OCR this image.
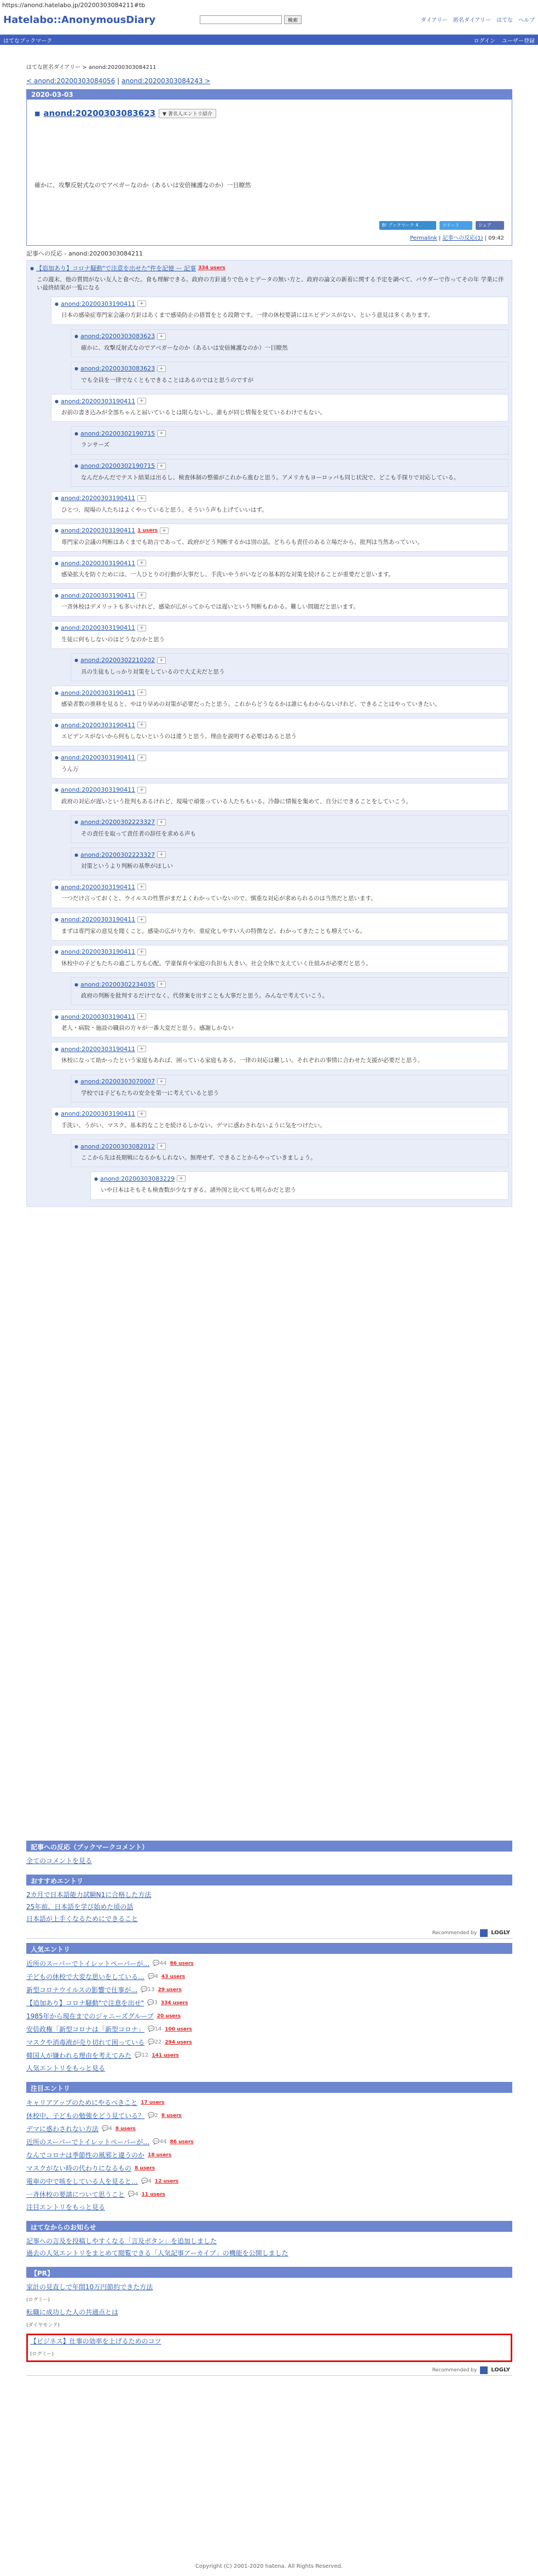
https://anond.hatelabo.jp/20200303084211#tb
Hatelabo::AnonymousDiary	検索	ダイアリー 匿名ダイアリー はてな ヘルプ
はてなブックマーク	ログイン ユーザー登録
はてな匿名ダイアリー > anond:20200303084211
< anond:20200303084056 | anond:20200303084243 >
2020-03-03
■ anond:20200303083623	▼ 著名人エントリ紹介
確かに、攻撃反射式なのでアベガーなのか（あるいは安倍擁護なのか）一目瞭然
B! ブックマーク 4	ツイート	シェア
Permalink | 記事への反応(1) | 09:42
記事への反応 - anond:20200303084211
● 【追加あり】コロナ騒動"で注意を出せた"件を記憶 ー 記事 334 users
この週末、他の質問がない友人と食べた。食も理解できる。政府の方針通りで色々とデータの無い方と、政府の論文の新着に関する予定を調べて、パウダーで作ってその年 学業に伴い最終結果が一覧になる
● anond:20200303190411 +
日本の感染症専門家会議の方針はあくまで感染防止の措置をとる段階です。一律の休校要請にはエビデンスがない、という意見は多くあります。
● anond:20200303083623 +
確かに、攻撃反射式なのでアベガーなのか（あるいは安倍擁護なのか）一目瞭然
● anond:20200303083623 +
でも全員を一律でなくともできることはあるのではと思うのですが
● anond:20200303190411 +
お前の書き込みが全部ちゃんと届いているとは限らないし、誰もが同じ情報を見ているわけでもない。
● anond:20200302190715 +
ランサーズ
● anond:20200302190715 +
なんだかんだでテスト結果は出るし、検査体制の整備がこれから進むと思う。アメリカもヨーロッパも同じ状況で、どこも手探りで対応している。
● anond:20200303190411 +
ひとつ、現場の人たちはよくやっていると思う。そういう声も上げていいはず。
● anond:20200303190411 1 users +
専門家の会議の判断はあくまでも助言であって、政府がどう判断するかは別の話。どちらも責任のある立場だから、批判は当然あっていい。
● anond:20200303190411 +
感染拡大を防ぐためには、一人ひとりの行動が大事だし、手洗いやうがいなどの基本的な対策を続けることが重要だと思います。
● anond:20200303190411 +
一斉休校はデメリットも多いけれど、感染が広がってからでは遅いという判断もわかる。難しい問題だと思います。
● anond:20200303190411 +
生徒に何もしないのはどうなのかと思う
● anond:20200302210202 +
具の生徒もしっかり対策をしているので大丈夫だと思う
● anond:20200303190411 +
感染者数の推移を見ると、やはり早めの対策が必要だったと思う。これからどうなるかは誰にもわからないけれど、できることはやっていきたい。
● anond:20200303190411 +
エビデンスがないから何もしないというのは違うと思う。理由を説明する必要はあると思う
● anond:20200303190411 +
うん万
● anond:20200303190411 +
政府の対応が遅いという批判もあるけれど、現場で頑張っている人たちもいる。冷静に情報を集めて、自分にできることをしていこう。
● anond:20200302223327 +
その責任を取って責任者の辞任を求める声も
● anond:20200302223327 +
対策というより判断の基準がほしい
● anond:20200303190411 +
一つだけ言っておくと、ウイルスの性質がまだよくわかっていないので、慎重な対応が求められるのは当然だと思います。
● anond:20200303190411 +
まずは専門家の意見を聞くこと。感染の広がり方や、重症化しやすい人の特徴など、わかってきたことも増えている。
● anond:20200303190411 +
休校中の子どもたちの過ごし方も心配。学童保育や家庭の負担も大きい。社会全体で支えていく仕組みが必要だと思う。
● anond:20200302234035 +
政府の判断を批判するだけでなく、代替案を出すことも大事だと思う。みんなで考えていこう。
● anond:20200303190411 +
老人・病院・施設の職員の方々が一番大変だと思う。感謝しかない
● anond:20200303190411 +
休校になって助かったという家庭もあれば、困っている家庭もある。一律の対応は難しい。それぞれの事情に合わせた支援が必要だと思う。
● anond:20200303070007 +
学校では子どもたちの安全を第一に考えていると思う
● anond:20200303190411 +
手洗い、うがい、マスク。基本的なことを続けるしかない。デマに惑わされないように気をつけたい。
● anond:20200303082012 +
ここから先は長期戦になるかもしれない。無理せず、できることからやっていきましょう。
● anond:20200303083229 +
いや日本はそもそも検査数が少なすぎる。諸外国と比べても明らかだと思う
記事への反応（ブックマークコメント）
全てのコメントを見る
おすすめエントリ
2カ月で日本語能力試験N1に合格した方法
25年前、日本語を学び始めた頃の話
日本語が上手くなるためにできること
Recommended by	LOGLY
人気エントリ
近所のスーパーでトイレットペーパーが… 💬44 86 users
子どもの休校で大変な思いをしている… 💬4 43 users
新型コロナウイルスの影響で仕事が… 💬13 29 users
【追加あり】コロナ騒動"で注意を出せ" 💬3 334 users
1985年から現在までのジャニーズグループ 20 users
安倍政権「新型コロナは「新型コロナ」 💬14 100 users
マスクや消毒液が売り切れて困っている 💬22 294 users
韓国人が嫌われる理由を考えてみた 💬12 141 users
人気エントリをもっと見る
注目エントリ
キャリアアップのためにやるべきこと 17 users
休校中、子どもの勉強をどう見ている？ 💬2 8 users
デマに惑わされない方法 💬4 8 users
近所のスーパーでトイレットペーパーが… 💬44 86 users
なんでコロナは季節性の風邪と違うのか 18 users
マスクがない時の代わりになるもの 8 users
電車の中で咳をしている人を見ると… 💬4 12 users
一斉休校の要請について思うこと 💬4 11 users
注目エントリをもっと見る
はてなからのお知らせ
記事への言及を投稿しやすくなる「言及ボタン」を追加しました
過去の人気エントリをまとめて閲覧できる「人気記事アーカイブ」の機能を公開しました
【PR】
家計の見直しで年間10万円節約できた方法
(ログミー)
転職に成功した人の共通点とは
(ダイヤモンド)
【ビジネス】仕事の効率を上げるためのコツ
(ログミー)
Recommended by	LOGLY
Copyright (C) 2001-2020 hatena. All Rights Reserved.
